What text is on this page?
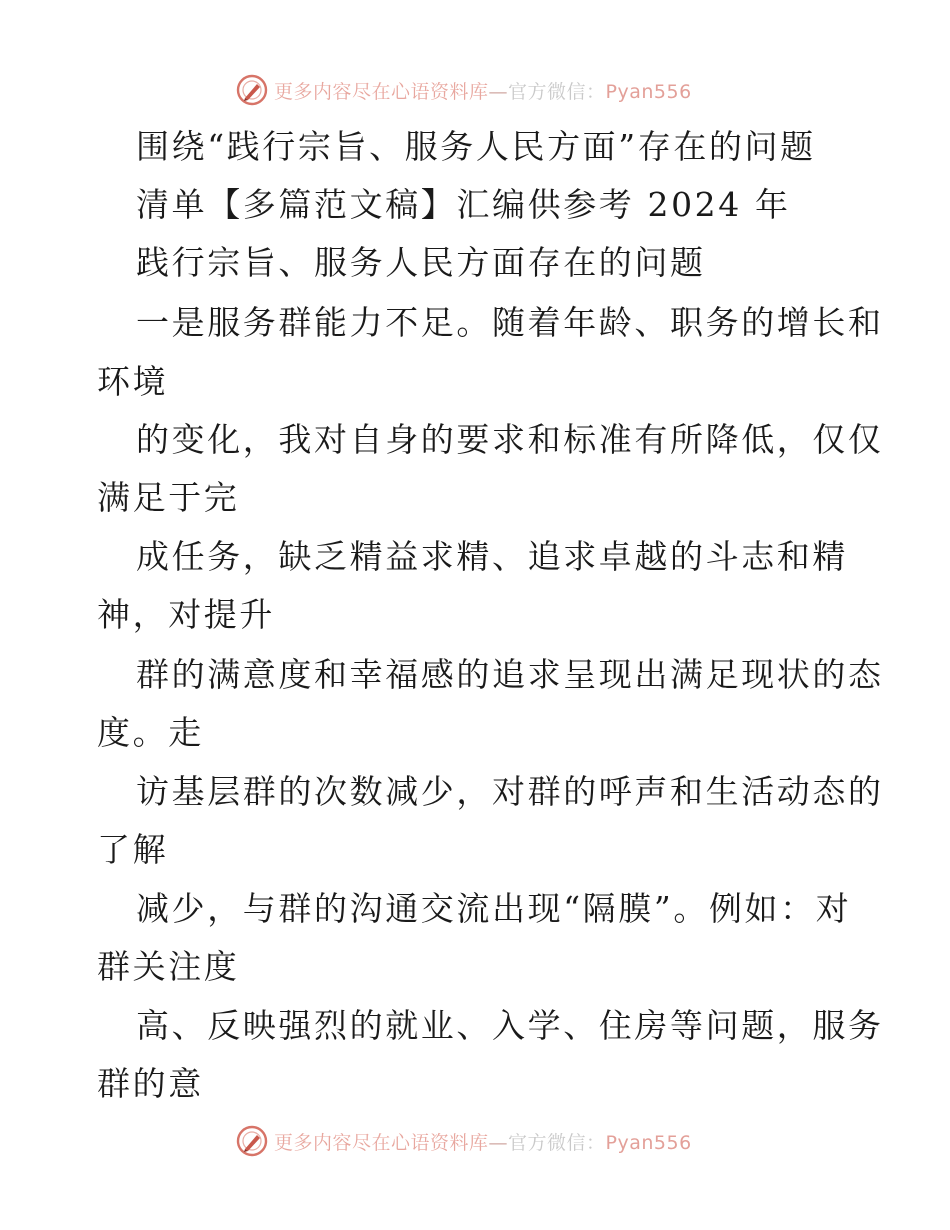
更多内容尽在心语资料库—官方微信：Pyan556
围绕“践行宗旨、服务人民方面”存在的问题
清单【多篇范文稿】汇编供参考 2024 年
践行宗旨、服务人民方面存在的问题
一是服务群能力不足。随着年龄、职务的增长和
环境
的变化，我对自身的要求和标准有所降低，仅仅
满足于完
成任务，缺乏精益求精、追求卓越的斗志和精
神，对提升
群的满意度和幸福感的追求呈现出满足现状的态
度。走
访基层群的次数减少，对群的呼声和生活动态的
了解
减少，与群的沟通交流出现“隔膜”。例如：对
群关注度
高、反映强烈的就业、入学、住房等问题，服务
群的意
更多内容尽在心语资料库—官方微信：Pyan556
